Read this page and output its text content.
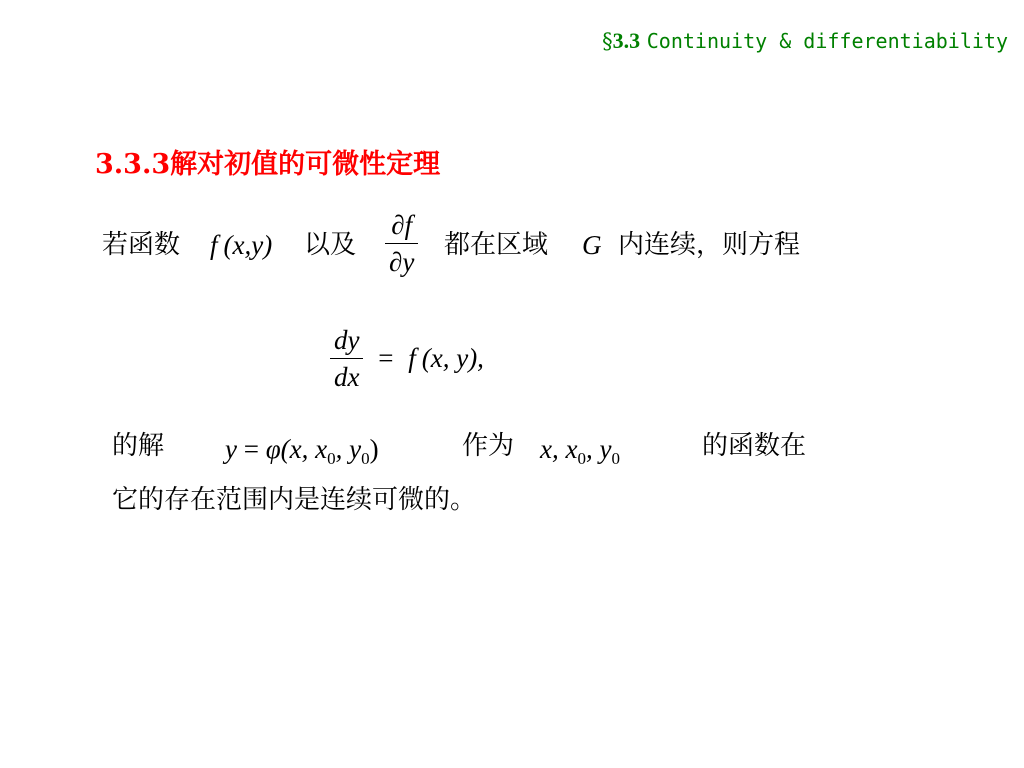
§3.3 Continuity & differentiability
3.3.3解对初值的可微性定理
若函数 f (x,y) 以及 $\frac{\partial f}{\partial y}$ 都在区域 G 内连续，则方程
$\frac{dy}{dx} = f$ (x, y),
的解 y = φ(x, $x_0$, $y_0$)	作为 x, $x_0$, $y_0$	的函数在
它的存在范围内是连续可微的。
